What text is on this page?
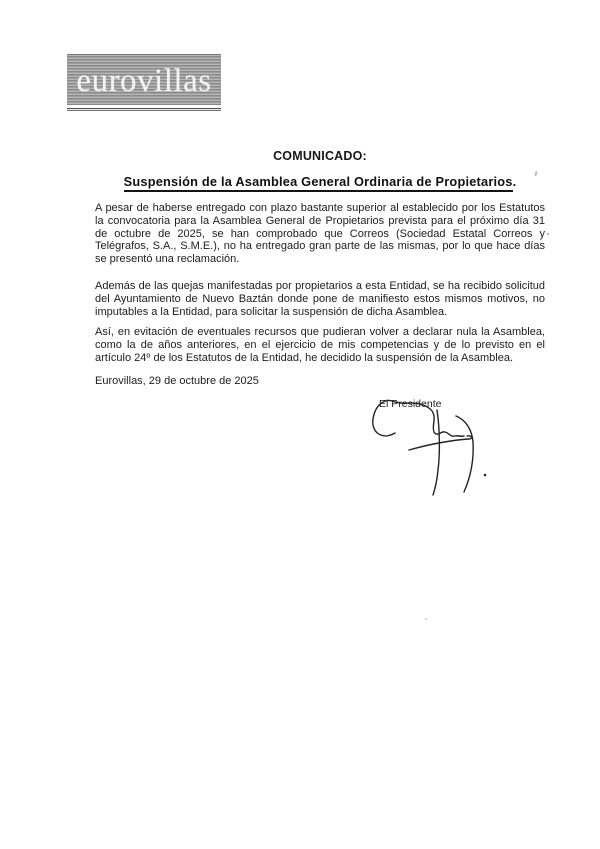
eurovillas
COMUNICADO:
Suspensión de la Asamblea General Ordinaria de Propietarios.
A pesar de haberse entregado con plazo bastante superior al establecido por los Estatutos la convocatoria para la Asamblea General de Propietarios prevista para el próximo día 31 de octubre de 2025, se han comprobado que Correos (Sociedad Estatal Correos y Telégrafos, S.A., S.M.E.), no ha entregado gran parte de las mismas, por lo que hace días se presentó una reclamación.
Además de las quejas manifestadas por propietarios a esta Entidad, se ha recibido solicitud del Ayuntamiento de Nuevo Baztán donde pone de manifiesto estos mismos motivos, no imputables a la Entidad, para solicitar la suspensión de dicha Asamblea.
Así, en evitación de eventuales recursos que pudieran volver a declarar nula la Asamblea, como la de años anteriores, en el ejercicio de mis competencias y de lo previsto en el artículo 24º de los Estatutos de la Entidad, he decidido la suspensión de la Asamblea.
Eurovillas, 29 de octubre de 2025
El Presidente
